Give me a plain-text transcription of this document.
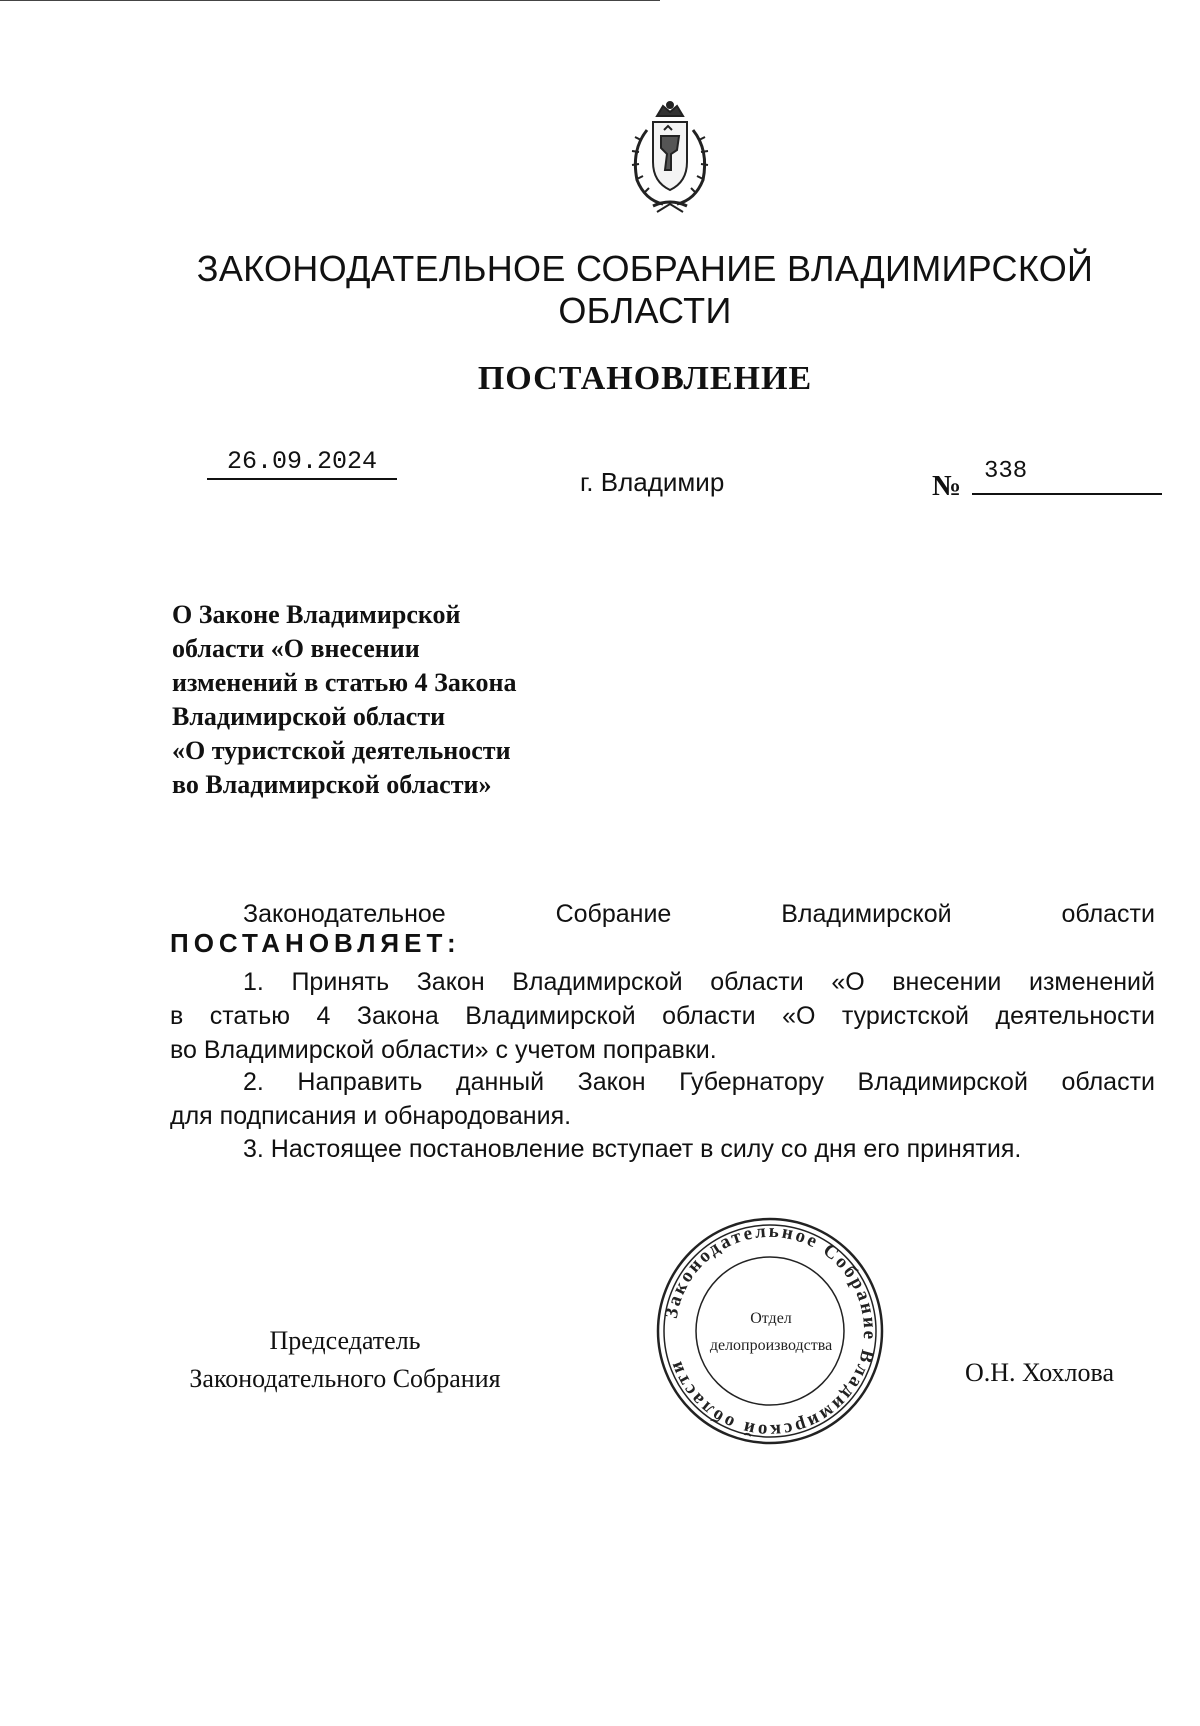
ЗАКОНОДАТЕЛЬНОЕ СОБРАНИЕ ВЛАДИМИРСКОЙ ОБЛАСТИ
ПОСТАНОВЛЕНИЕ
26.09.2024
г. Владимир	№ 338
О Законе Владимирской
области «О внесении
изменений в статью 4 Закона
Владимирской области
«О туристской деятельности
во Владимирской области»
Законодательное	Собрание	Владимирской	области
ПОСТАНОВЛЯЕТ:
1. Принять Закон Владимирской области «О внесении изменений
в статью 4 Закона Владимирской области «О туристской деятельности
во Владимирской области» с учетом поправки.
2. Направить данный Закон Губернатору Владимирской области
для подписания и обнародования.
3. Настоящее постановление вступает в силу со дня его принятия.
Председатель
Законодательного Собрания
Законодательное Собрание Владимирской области
Отдел
делопроизводства
О.Н. Хохлова
